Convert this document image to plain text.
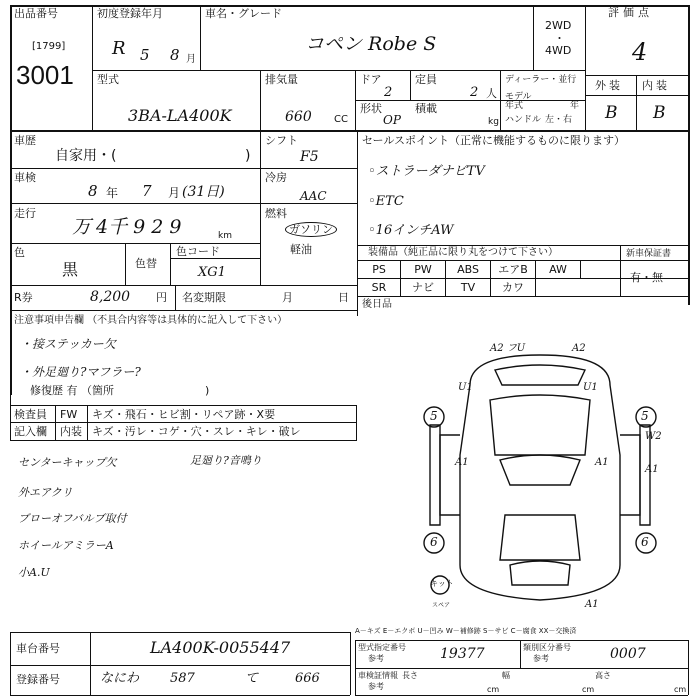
出品番号
[1799]
3001
初度登録年月
R 5 8 月
車名・グレード
コペン Robe S
2WD
・
4WD
評価点
4
外装 内装
B B
型式
3BA-LA400K
排気量
660 CC
ドア
2
定員
2 人
ディーラー・並行
形状
OP
積載
kg
モデル
年式	年
ハンドル 左・右
車歴
自家用・(	)
シフト
F5
車検
8 年 7 月 (31日)
冷房
AAC
走行
万 4千 9 2 9	km
燃料
ガソリン
軽油
色
黒	色替
色コード
XG1
R券	8,200 円 名変期限	月	日
セールスポイント（正常に機能するものに限ります）
◦ストラーダナビTV
◦ETC
◦16インチAW
装備品（純正品に限り丸をつけて下さい）
PS	PW	ABS	エアB	AW
SR	ナビ	TV	カワ
新車保証書
有・無
後日品
注意事項申告欄 （不具合内容等は具体的に記入して下さい）
・接ステッカー欠
・外足廻り?マフラー?
修復歴 有 （箇所	)
検査員
記入欄
FW キズ・飛石・ヒビ割・リペア跡・X要
内装 キズ・汚レ・コゲ・穴・スレ・キレ・破レ
センターキャップ欠	足廻り?音鳴り
外エアクリ
ブローオフバルブ取付
ホイールアミラーA
小A.U
A2 フU	A2
U1	U1
W2
A1	A1
A1
A1
5	5
6	6
キット
スペア
A－キズ E－エクボ U－凹み W－補修跡 S－サビ C－腐食 XX－交換済
車台番号	LA400K-0055447
登録番号	なにわ 587	て	666
型式指定番号
参考	19377	類別区分番号
参考	0007
車検証情報
参考
長さ
cm
幅
cm
高さ
cm
